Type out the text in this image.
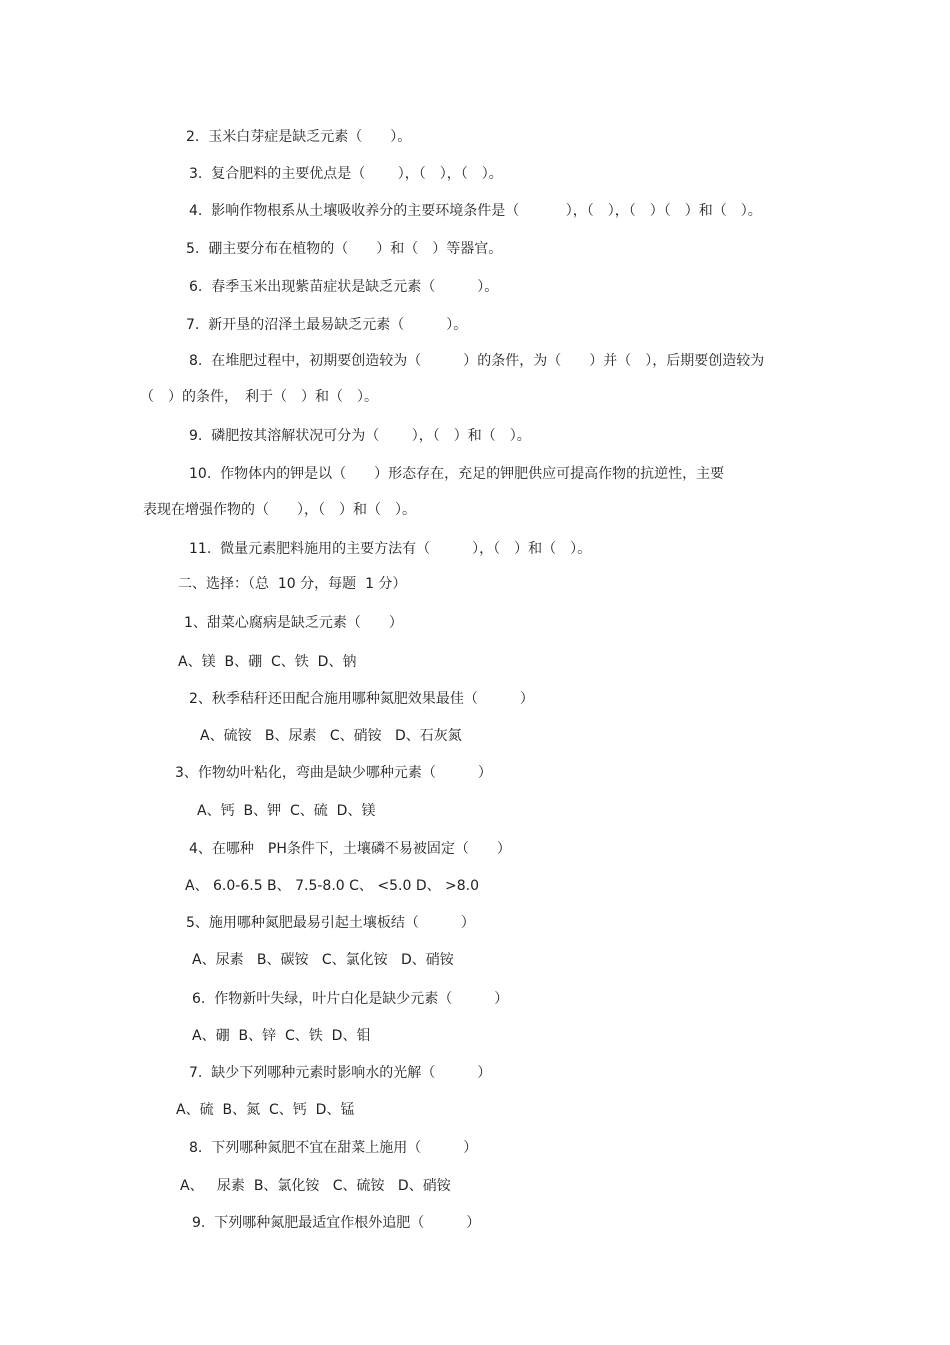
2.  玉米白芽症是缺乏元素（　　）。
3.  复合肥料的主要优点是（　　 ），（　），（　）。
4.  影响作物根系从土壤吸收养分的主要环境条件是（　　　 ），（　），（　）（　）和（　）。
5.  硼主要分布在植物的（　　）和（　）等器官。
6.  春季玉米出现紫苗症状是缺乏元素（　　　）。
7.  新开垦的沼泽土最易缺乏元素（　　　）。
8.  在堆肥过程中，初期要创造较为（　　　）的条件，为（　　）并（　），后期要创造较为
（　）的条件，　利于（　）和（　）。
9.  磷肥按其溶解状况可分为（　　 ），（　）和（　）。
10.  作物体内的钾是以（　　）形态存在，充足的钾肥供应可提高作物的抗逆性，主要
表现在增强作物的（　　），（　）和（　）。
11.  微量元素肥料施用的主要方法有（　　　），（　）和（　）。
二、选择：（总  10 分，每题  1 分）
1、甜菜心腐病是缺乏元素（　　）
A、镁  B、硼  C、铁  D、钠
2、秋季秸秆还田配合施用哪种氮肥效果最佳（　　　）
A、硫铵   B、尿素   C、硝铵   D、石灰氮
3、作物幼叶粘化，弯曲是缺少哪种元素（　　　）
A、钙  B、钾  C、硫  D、镁
4、在哪种　PH条件下，土壤磷不易被固定（　　）
A、 6.0-6.5 B、 7.5-8.0 C、 <5.0 D、 >8.0
5、施用哪种氮肥最易引起土壤板结（　　　）
A、尿素   B、碳铵   C、氯化铵   D、硝铵
6.  作物新叶失绿，叶片白化是缺少元素（　　　）
A、硼  B、锌  C、铁  D、钼
7.  缺少下列哪种元素时影响水的光解（　　　）
A、硫  B、氮  C、钙  D、锰
8.  下列哪种氮肥不宜在甜菜上施用（　　　）
A、   尿素  B、氯化铵   C、硫铵   D、硝铵
9.  下列哪种氮肥最适宜作根外追肥（　　　）
